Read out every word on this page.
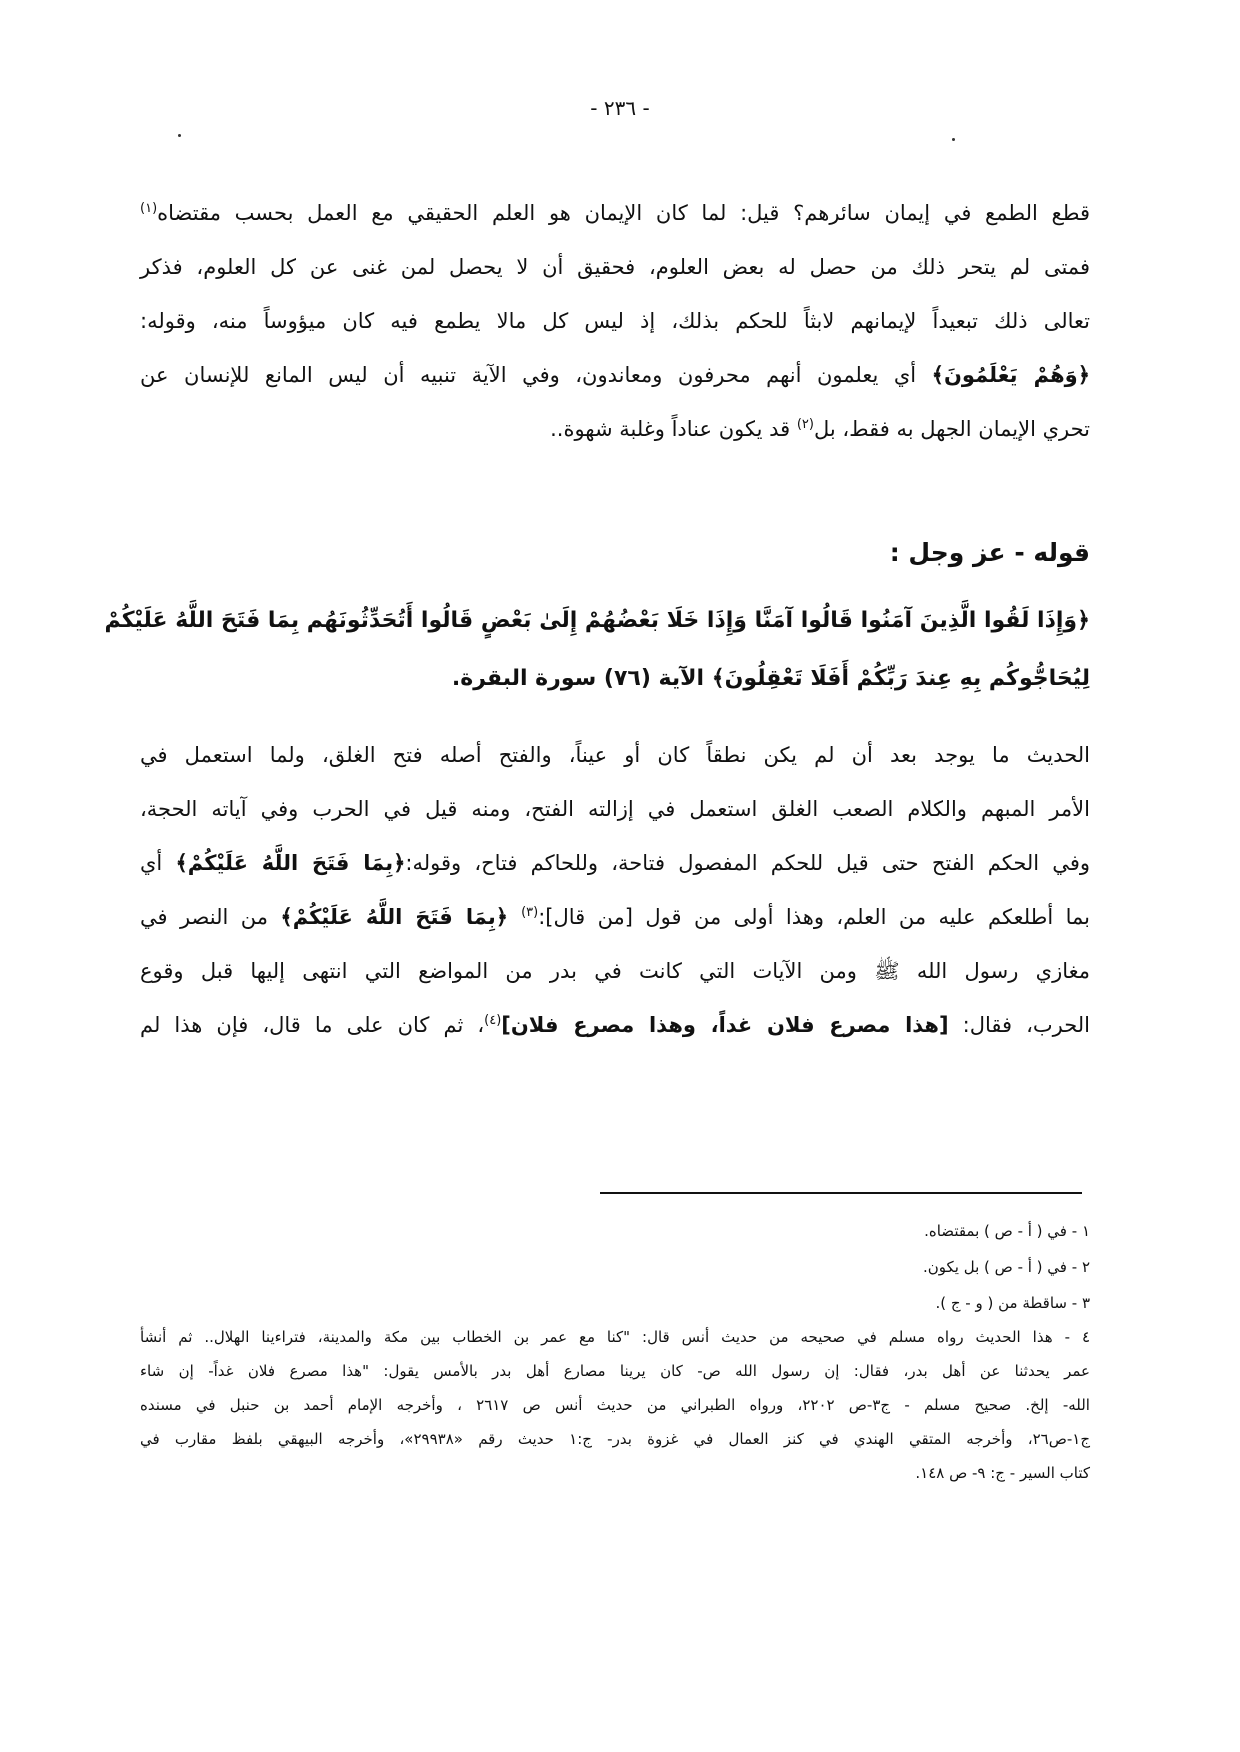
- ٢٣٦ -
قطع الطمع في إيمان سائرهم؟ قيل: لما كان الإيمان هو العلم الحقيقي مع العمل بحسب مقتضاه$^{(١)}$
فمتى لم يتحر ذلك من حصل له بعض العلوم، فحقيق أن لا يحصل لمن غنى عن كل العلوم، فذكر
تعالى ذلك تبعيداً لإيمانهم لابثاً للحكم بذلك، إذ ليس كل مالا يطمع فيه كان ميؤوساً منه، وقوله:
﴿وَهُمْ يَعْلَمُونَ﴾ أي يعلمون أنهم محرفون ومعاندون، وفي الآية تنبيه أن ليس المانع للإنسان عن
تحري الإيمان الجهل به فقط، بل$^{(٢)}$ قد يكون عناداً وغلبة شهوة..
قوله - عز وجل :
﴿وَإِذَا لَقُوا الَّذِينَ آمَنُوا قَالُوا آمَنَّا وَإِذَا خَلَا بَعْضُهُمْ إِلَىٰ بَعْضٍ قَالُوا أَتُحَدِّثُونَهُم بِمَا فَتَحَ اللَّهُ عَلَيْكُمْ
لِيُحَاجُّوكُم بِهِ عِندَ رَبِّكُمْ أَفَلَا تَعْقِلُونَ﴾ الآية (٧٦) سورة البقرة.
الحديث ما يوجد بعد أن لم يكن نطقاً كان أو عيناً، والفتح أصله فتح الغلق، ولما استعمل في
الأمر المبهم والكلام الصعب الغلق استعمل في إزالته الفتح، ومنه قيل في الحرب وفي آياته الحجة،
وفي الحكم الفتح حتى قيل للحكم المفصول فتاحة، وللحاكم فتاح، وقوله:﴿بِمَا فَتَحَ اللَّهُ عَلَيْكُمْ﴾ أي
بما أطلعكم عليه من العلم، وهذا أولى من قول [من قال]:$^{(٣)}$ ﴿بِمَا فَتَحَ اللَّهُ عَلَيْكُمْ﴾ من النصر في
مغازي رسول الله ﷺ ومن الآيات التي كانت في بدر من المواضع التي انتهى إليها قبل وقوع
الحرب، فقال: [هذا مصرع فلان غداً، وهذا مصرع فلان]$^{(٤)}$، ثم كان على ما قال، فإن هذا لم
١ - في ( أ - ص ) بمقتضاه.
٢ - في ( أ - ص ) بل يكون.
٣ - ساقطة من ( و - ج ).
٤ - هذا الحديث رواه مسلم في صحيحه من حديث أنس قال: "كنا مع عمر بن الخطاب بين مكة والمدينة، فتراءينا الهلال.. ثم أنشأ
عمر يحدثنا عن أهل بدر، فقال: إن رسول الله ص- كان يرينا مصارع أهل بدر بالأمس يقول: "هذا مصرع فلان غداً- إن شاء
الله- إلخ. صحيح مسلم - ج٣-ص ٢٢٠٢، ورواه الطبراني من حديث أنس ص ٢٦١٧ ، وأخرجه الإمام أحمد بن حنبل في مسنده
ج١-ص٢٦، وأخرجه المتقي الهندي في كنز العمال في غزوة بدر- ج:١ حديث رقم «٢٩٩٣٨»، وأخرجه البيهقي بلفظ مقارب في
كتاب السير - ج: ٩- ص ١٤٨.
